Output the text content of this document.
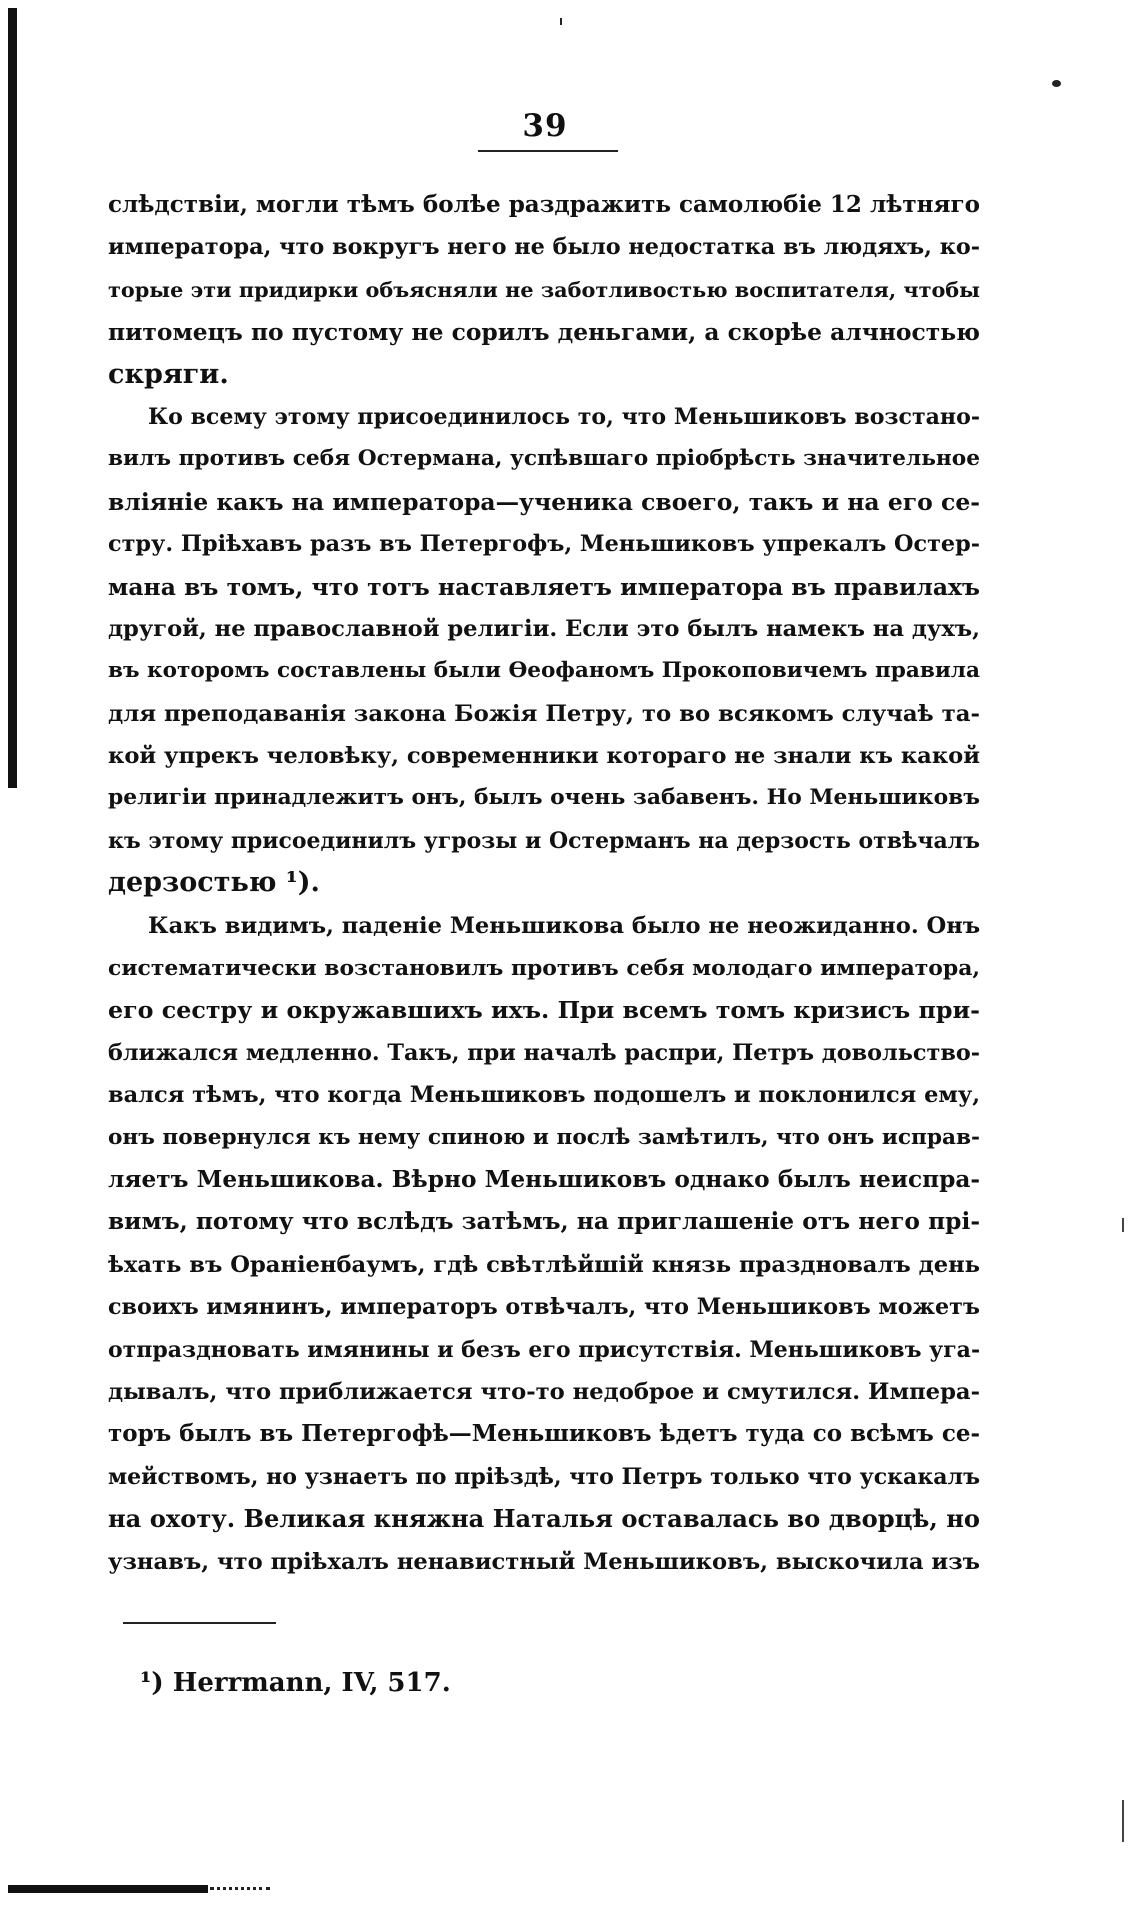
39
слѣдствіи, могли тѣмъ болѣе раздражить самолюбіе 12 лѣтняго
императора, что вокругъ него не было недостатка въ людяхъ, ко-
торые эти придирки объясняли не заботливостью воспитателя, чтобы
питомецъ по пустому не сорилъ деньгами, а скорѣе алчностью
скряги.
Ко всему этому присоединилось то, что Меньшиковъ возстано-
вилъ противъ себя Остермана, успѣвшаго пріобрѣсть значительное
вліяніе какъ на императора—ученика своего, такъ и на его се-
стру. Пріѣхавъ разъ въ Петергофъ, Меньшиковъ упрекалъ Остер-
мана въ томъ, что тотъ наставляетъ императора въ правилахъ
другой, не православной религіи. Если это былъ намекъ на духъ,
въ которомъ составлены были Ѳеофаномъ Прокоповичемъ правила
для преподаванія закона Божія Петру, то во всякомъ случаѣ та-
кой упрекъ человѣку, современники котораго не знали къ какой
религіи принадлежитъ онъ, былъ очень забавенъ. Но Меньшиковъ
къ этому присоединилъ угрозы и Остерманъ на дерзость отвѣчалъ
дерзостью ¹).
Какъ видимъ, паденіе Меньшикова было не неожиданно. Онъ
систематически возстановилъ противъ себя молодаго императора,
его сестру и окружавшихъ ихъ. При всемъ томъ кризисъ при-
ближался медленно. Такъ, при началѣ распри, Петръ довольство-
вался тѣмъ, что когда Меньшиковъ подошелъ и поклонился ему,
онъ повернулся къ нему спиною и послѣ замѣтилъ, что онъ исправ-
ляетъ Меньшикова. Вѣрно Меньшиковъ однако былъ неиспра-
вимъ, потому что вслѣдъ затѣмъ, на приглашеніе отъ него прі-
ѣхать въ Ораніенбаумъ, гдѣ свѣтлѣйшій князь праздновалъ день
своихъ имянинъ, императоръ отвѣчалъ, что Меньшиковъ можетъ
отпраздновать имянины и безъ его присутствія. Меньшиковъ уга-
дывалъ, что приближается что-то недоброе и смутился. Импера-
торъ былъ въ Петергофѣ—Меньшиковъ ѣдетъ туда со всѣмъ се-
мействомъ, но узнаетъ по пріѣздѣ, что Петръ только что ускакалъ
на охоту. Великая княжна Наталья оставалась во дворцѣ, но
узнавъ, что пріѣхалъ ненавистный Меньшиковъ, выскочила изъ
¹) Herrmann, IV, 517.
